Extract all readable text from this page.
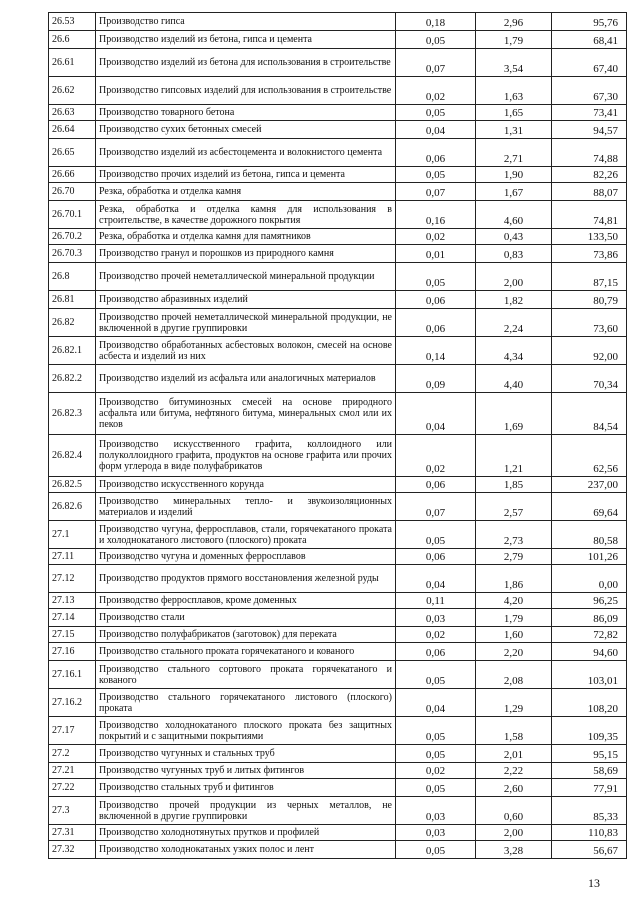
26.53	Производство гипса	0,18	2,96	95,76
26.6	Производство изделий из бетона, гипса и цемента	0,05	1,79	68,41
26.61	Производство изделий из бетона для использования в строительстве	0,07	3,54	67,40
26.62	Производство гипсовых изделий для использования в строительстве	0,02	1,63	67,30
26.63	Производство товарного бетона	0,05	1,65	73,41
26.64	Производство сухих бетонных смесей	0,04	1,31	94,57
26.65	Производство изделий из асбестоцемента и волокнистого цемента	0,06	2,71	74,88
26.66	Производство прочих изделий из бетона, гипса и цемента	0,05	1,90	82,26
26.70	Резка, обработка и отделка камня	0,07	1,67	88,07
26.70.1	Резка, обработка и отделка камня для использования в строительстве, в качестве дорожного покрытия	0,16	4,60	74,81
26.70.2	Резка, обработка и отделка камня для памятников	0,02	0,43	133,50
26.70.3	Производство гранул и порошков из природного камня	0,01	0,83	73,86
26.8	Производство прочей неметаллической минеральной продукции	0,05	2,00	87,15
26.81	Производство абразивных изделий	0,06	1,82	80,79
26.82	Производство прочей неметаллической минеральной продукции, не включенной в другие группировки	0,06	2,24	73,60
26.82.1	Производство обработанных асбестовых волокон, смесей на основе асбеста и изделий из них	0,14	4,34	92,00
26.82.2	Производство изделий из асфальта или аналогичных материалов	0,09	4,40	70,34
26.82.3	Производство битуминозных смесей на основе природного асфальта или битума, нефтяного битума, минеральных смол или их пеков	0,04	1,69	84,54
26.82.4	Производство искусственного графита, коллоидного или полуколлоидного графита, продуктов на основе графита или прочих форм углерода в виде полуфабрикатов	0,02	1,21	62,56
26.82.5	Производство искусственного корунда	0,06	1,85	237,00
26.82.6	Производство минеральных тепло- и звукоизоляционных материалов и изделий	0,07	2,57	69,64
27.1	Производство чугуна, ферросплавов, стали, горячекатаного проката и холоднокатаного листового (плоского) проката	0,05	2,73	80,58
27.11	Производство чугуна и доменных ферросплавов	0,06	2,79	101,26
27.12	Производство продуктов прямого восстановления железной руды	0,04	1,86	0,00
27.13	Производство ферросплавов, кроме доменных	0,11	4,20	96,25
27.14	Производство стали	0,03	1,79	86,09
27.15	Производство полуфабрикатов (заготовок) для переката	0,02	1,60	72,82
27.16	Производство стального проката горячекатаного и кованого	0,06	2,20	94,60
27.16.1	Производство стального сортового проката горячекатаного и кованого	0,05	2,08	103,01
27.16.2	Производство стального горячекатаного листового (плоского) проката	0,04	1,29	108,20
27.17	Производство холоднокатаного плоского проката без защитных покрытий и с защитными покрытиями	0,05	1,58	109,35
27.2	Производство чугунных и стальных труб	0,05	2,01	95,15
27.21	Производство чугунных труб и литых фитингов	0,02	2,22	58,69
27.22	Производство стальных труб и фитингов	0,05	2,60	77,91
27.3	Производство прочей продукции из черных металлов, не включенной в другие группировки	0,03	0,60	85,33
27.31	Производство холоднотянутых прутков и профилей	0,03	2,00	110,83
27.32	Производство холоднокатаных узких полос и лент	0,05	3,28	56,67
13
